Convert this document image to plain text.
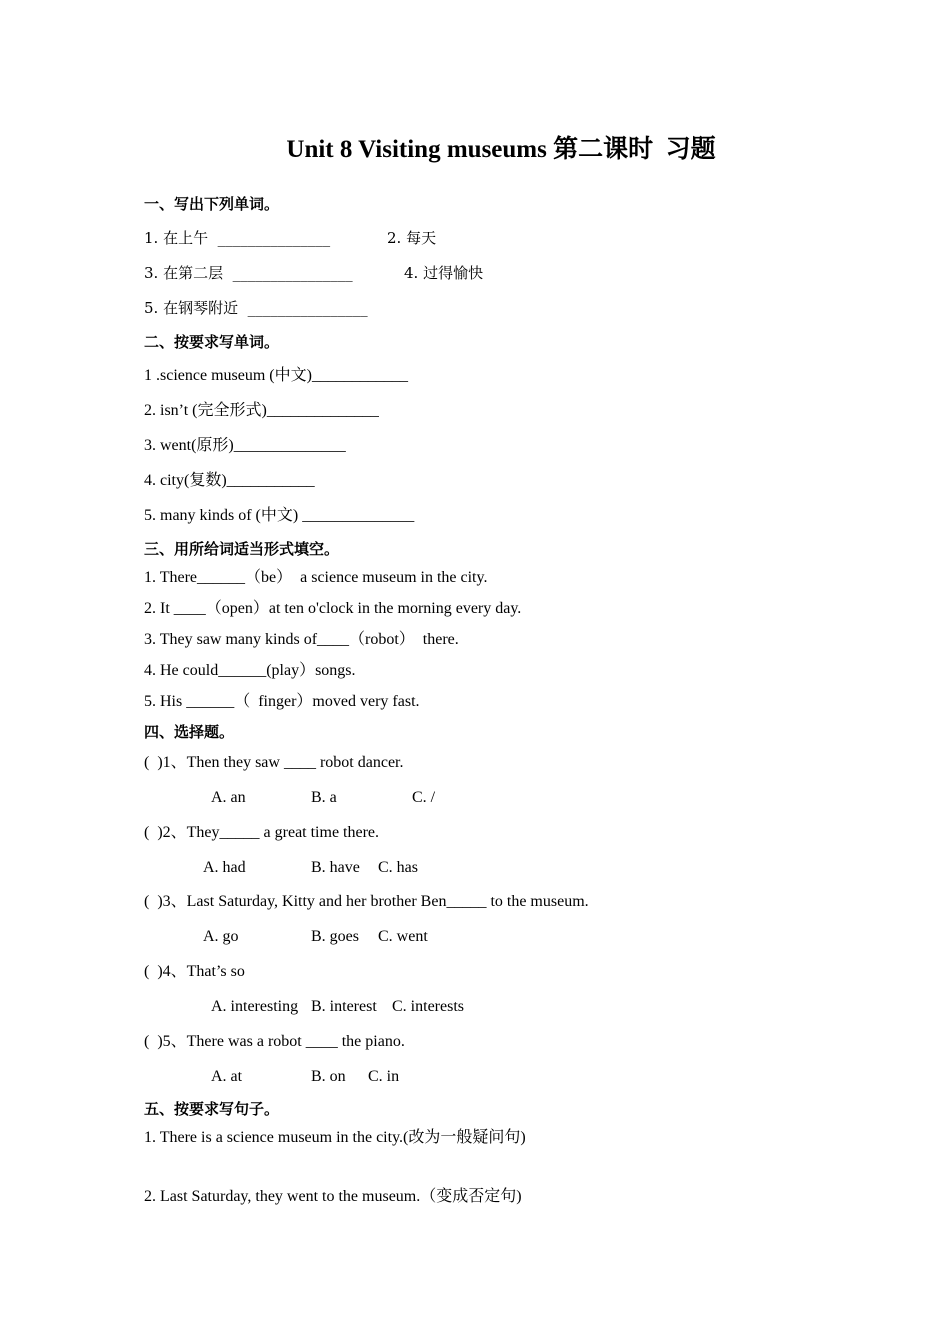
Unit 8 Visiting museums 第二课时  习题
一、写出下列单词。
1. 在上午  _______________	2. 每天
3. 在第二层  ________________	4. 过得愉快
5. 在钢琴附近  ________________
二、按要求写单词。
1 .science museum (中文)____________
2. isn’t (完全形式)______________
3. went(原形)______________
4. city(复数)___________
5. many kinds of (中文) ______________
三、用所给词适当形式填空。
1. There______（be）  a science museum in the city.
2. It ____（open）at ten o'clock in the morning every day.
3. They saw many kinds of____（robot）  there.
4. He could______(play）songs.
5. His ______（  finger）moved very fast.
四、选择题。
(  )1、Then they saw ____ robot dancer.
A. an	B. a	C. /
(  )2、They_____ a great time there.
A. had	B. have C. has
(  )3、Last Saturday, Kitty and her brother Ben_____ to the museum.
A. go	B. goes C. went
(  )4、That’s so
A. interesting B. interest C. interests
(  )5、There was a robot ____ the piano.
A. at	B. on C. in
五、按要求写句子。
1. There is a science museum in the city.(改为一般疑问句)
2. Last Saturday, they went to the museum.（变成否定句)
